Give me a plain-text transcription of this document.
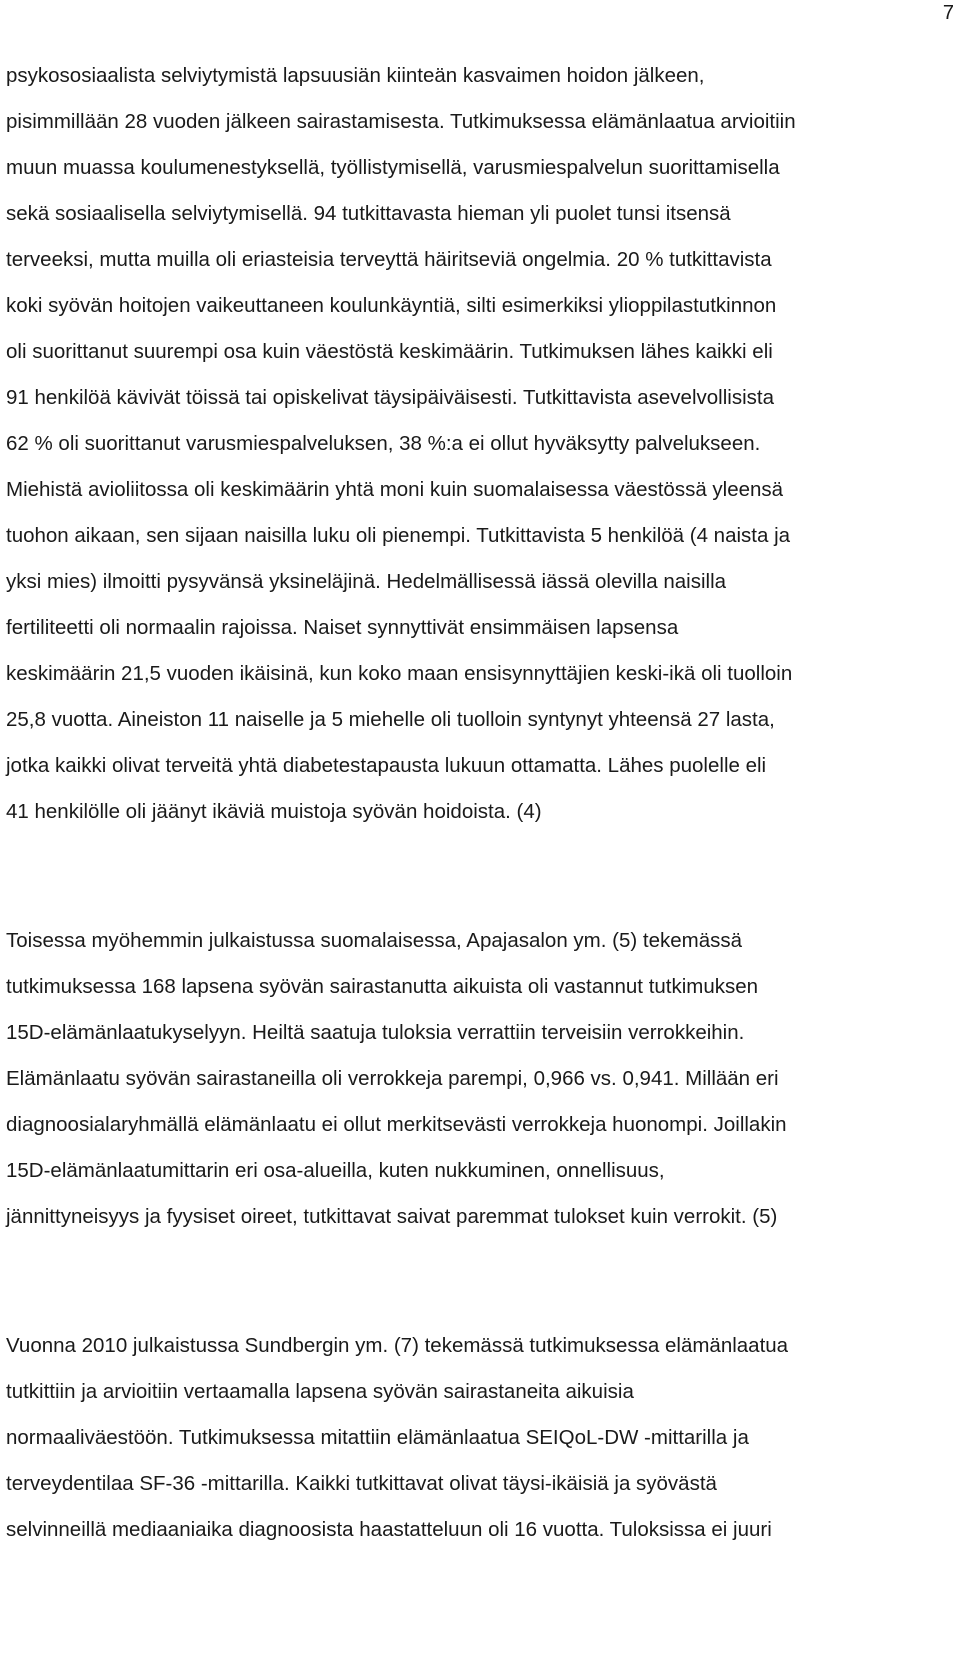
7
psykososiaalista selviytymistä lapsuusiän kiinteän kasvaimen hoidon jälkeen,
pisimmillään 28 vuoden jälkeen sairastamisesta. Tutkimuksessa elämänlaatua arvioitiin
muun muassa koulumenestyksellä, työllistymisellä, varusmiespalvelun suorittamisella
sekä sosiaalisella selviytymisellä. 94 tutkittavasta hieman yli puolet tunsi itsensä
terveeksi, mutta muilla oli eriasteisia terveyttä häiritseviä ongelmia. 20 % tutkittavista
koki syövän hoitojen vaikeuttaneen koulunkäyntiä, silti esimerkiksi ylioppilastutkinnon
oli suorittanut suurempi osa kuin väestöstä keskimäärin. Tutkimuksen lähes kaikki eli
91 henkilöä kävivät töissä tai opiskelivat täysipäiväisesti. Tutkittavista asevelvollisista
62 % oli suorittanut varusmiespalveluksen, 38 %:a ei ollut hyväksytty palvelukseen.
Miehistä avioliitossa oli keskimäärin yhtä moni kuin suomalaisessa väestössä yleensä
tuohon aikaan, sen sijaan naisilla luku oli pienempi. Tutkittavista 5 henkilöä (4 naista ja
yksi mies) ilmoitti pysyvänsä yksineläjinä. Hedelmällisessä iässä olevilla naisilla
fertiliteetti oli normaalin rajoissa. Naiset synnyttivät ensimmäisen lapsensa
keskimäärin 21,5 vuoden ikäisinä, kun koko maan ensisynnyttäjien keski-ikä oli tuolloin
25,8 vuotta. Aineiston 11 naiselle ja 5 miehelle oli tuolloin syntynyt yhteensä 27 lasta,
jotka kaikki olivat terveitä yhtä diabetestapausta lukuun ottamatta. Lähes puolelle eli
41 henkilölle oli jäänyt ikäviä muistoja syövän hoidoista. (4)
Toisessa myöhemmin julkaistussa suomalaisessa, Apajasalon ym. (5) tekemässä
tutkimuksessa 168 lapsena syövän sairastanutta aikuista oli vastannut tutkimuksen
15D-elämänlaatukyselyyn. Heiltä saatuja tuloksia verrattiin terveisiin verrokkeihin.
Elämänlaatu syövän sairastaneilla oli verrokkeja parempi, 0,966 vs. 0,941. Millään eri
diagnoosialaryhmällä elämänlaatu ei ollut merkitsevästi verrokkeja huonompi. Joillakin
15D-elämänlaatumittarin eri osa-alueilla, kuten nukkuminen, onnellisuus,
jännittyneisyys ja fyysiset oireet, tutkittavat saivat paremmat tulokset kuin verrokit. (5)
Vuonna 2010 julkaistussa Sundbergin ym. (7) tekemässä tutkimuksessa elämänlaatua
tutkittiin ja arvioitiin vertaamalla lapsena syövän sairastaneita aikuisia
normaaliväestöön. Tutkimuksessa mitattiin elämänlaatua SEIQoL-DW -mittarilla ja
terveydentilaa SF-36 -mittarilla. Kaikki tutkittavat olivat täysi-ikäisiä ja syövästä
selvinneillä mediaaniaika diagnoosista haastatteluun oli 16 vuotta. Tuloksissa ei juuri
